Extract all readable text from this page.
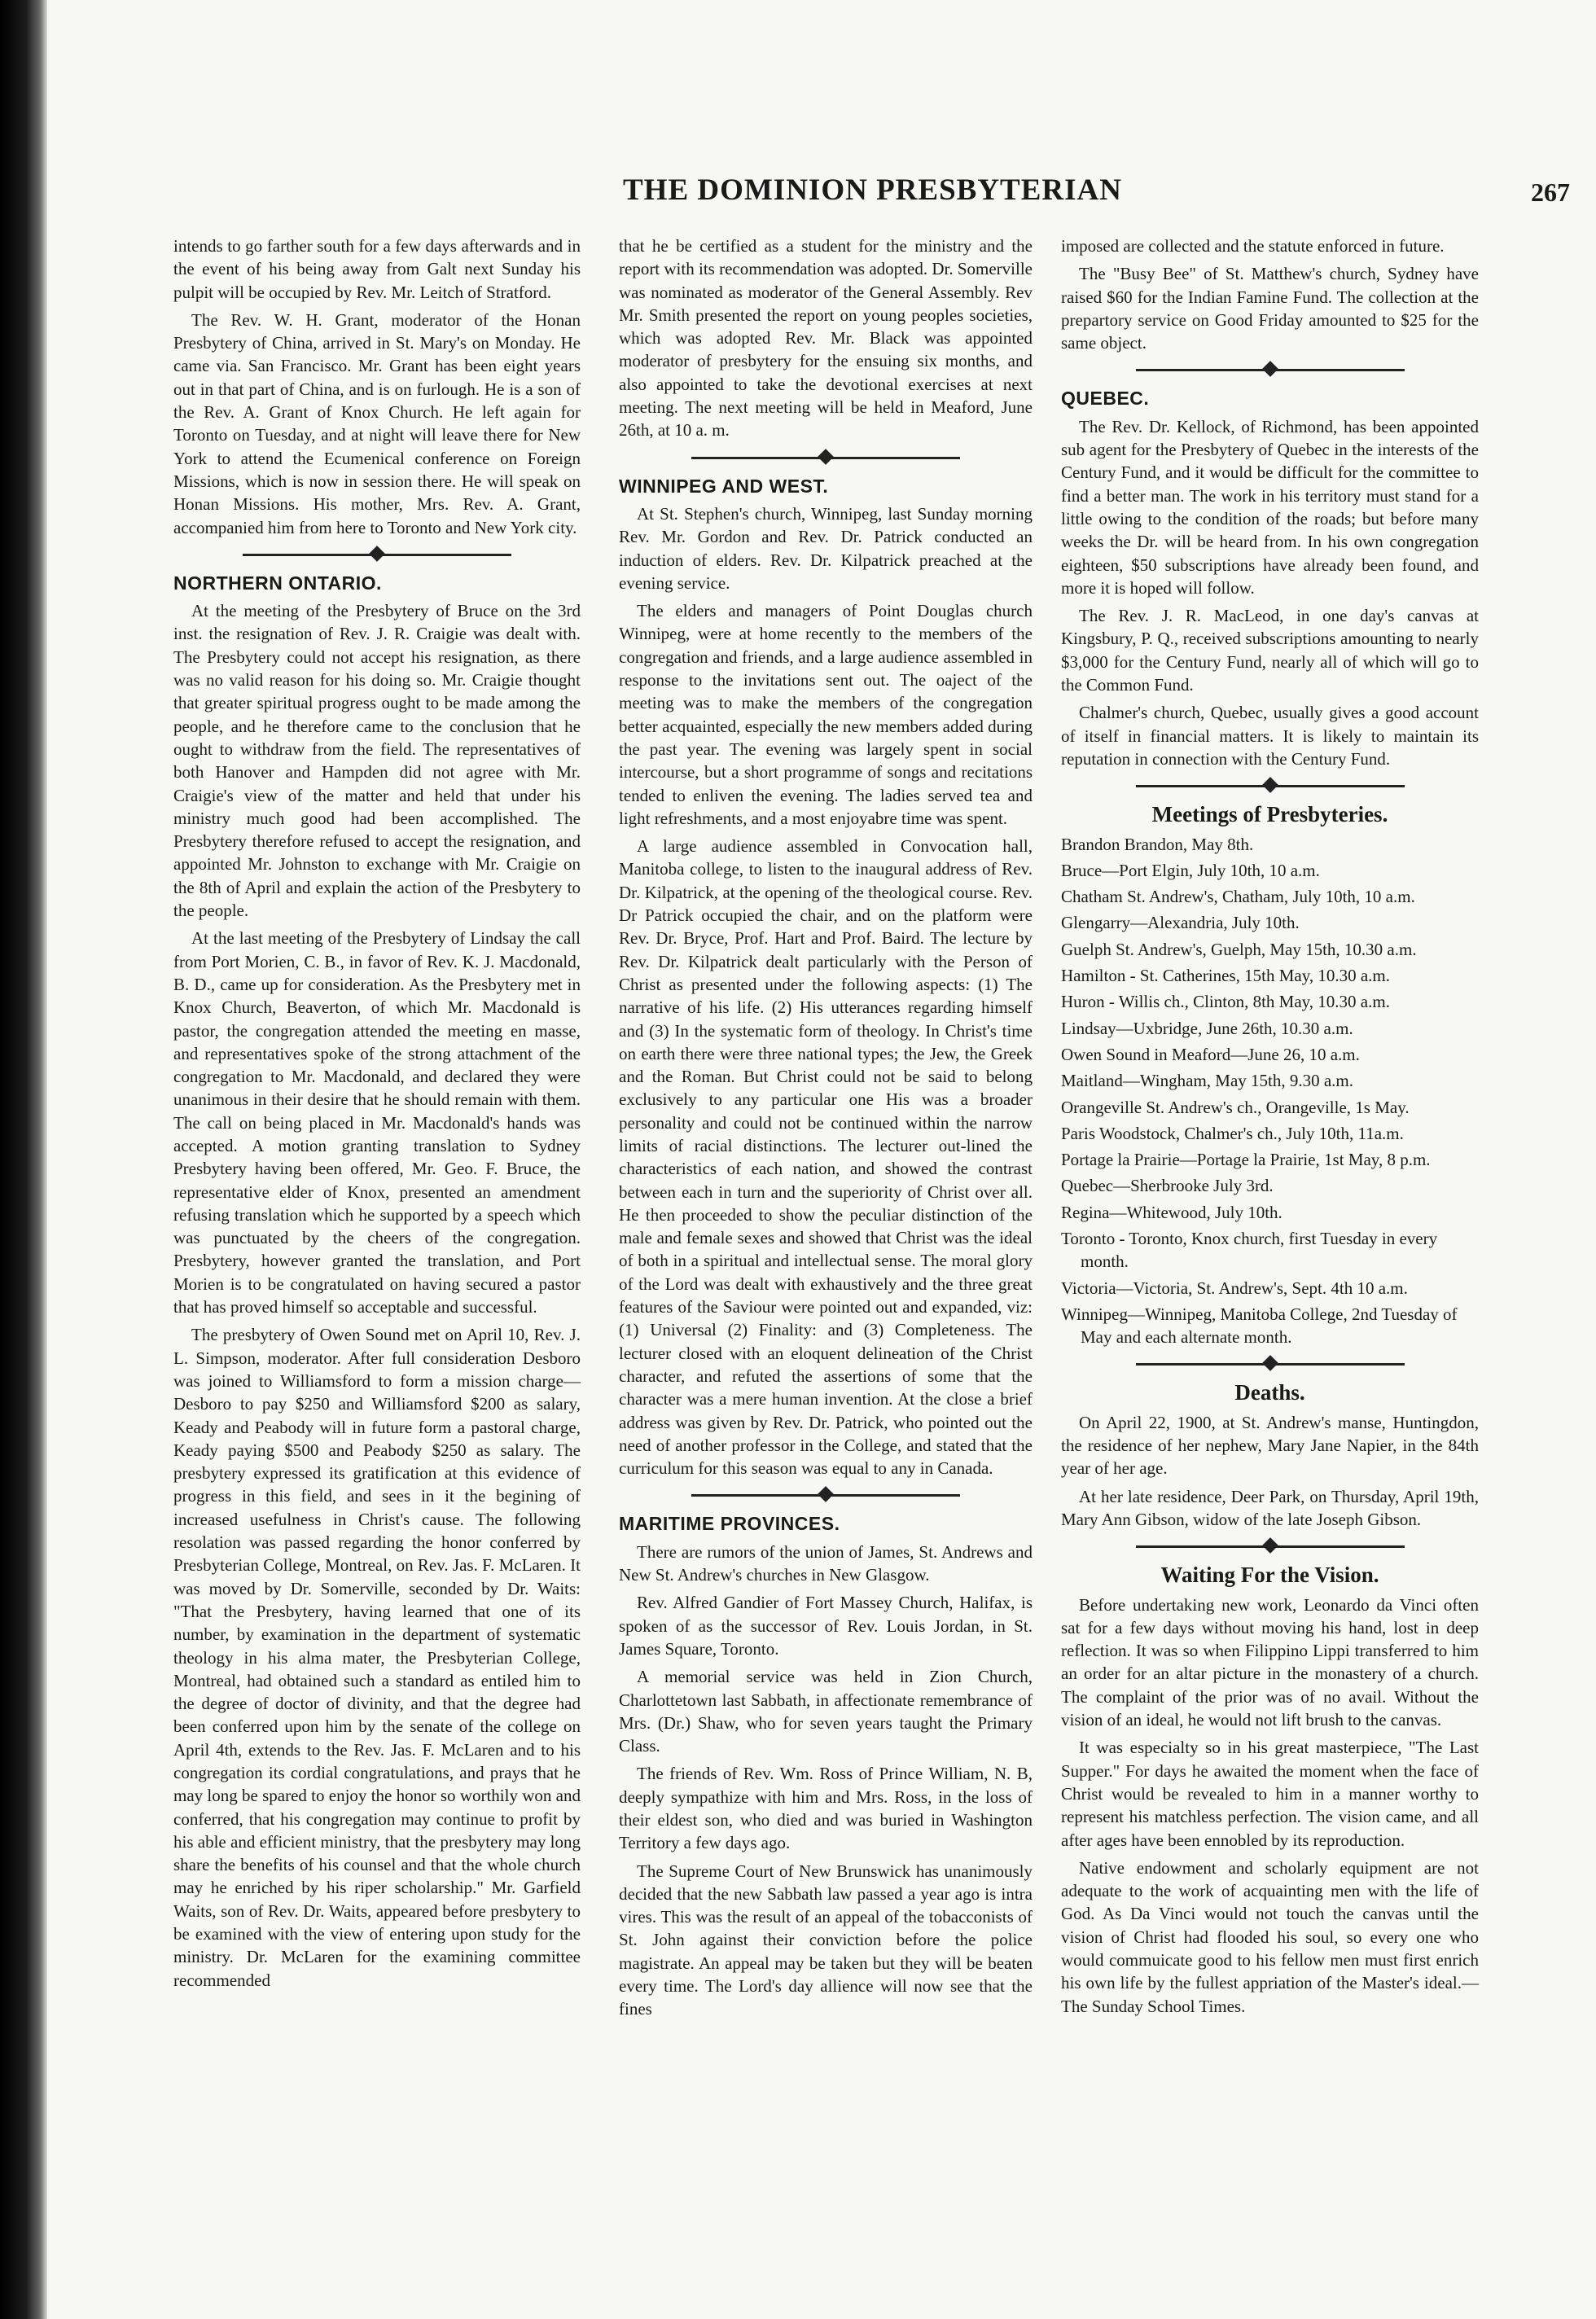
THE DOMINION PRESBYTERIAN	267

intends to go farther south for a few days afterwards and in the event of his being away from Galt next Sunday his pulpit will be occupied by Rev. Mr. Leitch of Stratford.

The Rev. W. H. Grant, moderator of the Honan Presbytery of China, arrived in St. Mary's on Monday. He came via. San Francisco. Mr. Grant has been eight years out in that part of China, and is on furlough. He is a son of the Rev. A. Grant of Knox Church. He left again for Toronto on Tuesday, and at night will leave there for New York to attend the Ecumenical conference on Foreign Missions, which is now in session there. He will speak on Honan Missions. His mother, Mrs. Rev. A. Grant, accompanied him from here to Toronto and New York city.

NORTHERN ONTARIO.

At the meeting of the Presbytery of Bruce on the 3rd inst. the resignation of Rev. J. R. Craigie was dealt with. The Presbytery could not accept his resignation, as there was no valid reason for his doing so. Mr. Craigie thought that greater spiritual progress ought to be made among the people, and he therefore came to the conclusion that he ought to withdraw from the field. The representatives of both Hanover and Hampden did not agree with Mr. Craigie's view of the matter and held that under his ministry much good had been accomplished. The Presbytery therefore refused to accept the resignation, and appointed Mr. Johnston to exchange with Mr. Craigie on the 8th of April and explain the action of the Presbytery to the people.

At the last meeting of the Presbytery of Lindsay the call from Port Morien, C. B., in favor of Rev. K. J. Macdonald, B. D., came up for consideration. As the Presbytery met in Knox Church, Beaverton, of which Mr. Macdonald is pastor, the congregation attended the meeting en masse, and representatives spoke of the strong attachment of the congregation to Mr. Macdonald, and declared they were unanimous in their desire that he should remain with them. The call on being placed in Mr. Macdonald's hands was accepted. A motion granting translation to Sydney Presbytery having been offered, Mr. Geo. F. Bruce, the representative elder of Knox, presented an amendment refusing translation which he supported by a speech which was punctuated by the cheers of the congregation. Presbytery, however granted the translation, and Port Morien is to be congratulated on having secured a pastor that has proved himself so acceptable and successful.

The presbytery of Owen Sound met on April 10, Rev. J. L. Simpson, moderator. After full consideration Desboro was joined to Williamsford to form a mission charge—Desboro to pay $250 and Williamsford $200 as salary, Keady and Peabody will in future form a pastoral charge, Keady paying $500 and Peabody $250 as salary. The presbytery expressed its gratification at this evidence of progress in this field, and sees in it the begining of increased usefulness in Christ's cause. The following resolation was passed regarding the honor conferred by Presbyterian College, Montreal, on Rev. Jas. F. McLaren. It was moved by Dr. Somerville, seconded by Dr. Waits: "That the Presbytery, having learned that one of its number, by examination in the department of systematic theology in his alma mater, the Presbyterian College, Montreal, had obtained such a standard as entiled him to the degree of doctor of divinity, and that the degree had been conferred upon him by the senate of the college on April 4th, extends to the Rev. Jas. F. McLaren and to his congregation its cordial congratulations, and prays that he may long be spared to enjoy the honor so worthily won and conferred, that his congregation may continue to profit by his able and efficient ministry, that the presbytery may long share the benefits of his counsel and that the whole church may he enriched by his riper scholarship." Mr. Garfield Waits, son of Rev. Dr. Waits, appeared before presbytery to be examined with the view of entering upon study for the ministry. Dr. McLaren for the examining committee recommended

that he be certified as a student for the ministry and the report with its recommendation was adopted. Dr. Somerville was nominated as moderator of the General Assembly. Rev Mr. Smith presented the report on young peoples societies, which was adopted Rev. Mr. Black was appointed moderator of presbytery for the ensuing six months, and also appointed to take the devotional exercises at next meeting. The next meeting will be held in Meaford, June 26th, at 10 a. m.

WINNIPEG AND WEST.

At St. Stephen's church, Winnipeg, last Sunday morning Rev. Mr. Gordon and Rev. Dr. Patrick conducted an induction of elders. Rev. Dr. Kilpatrick preached at the evening service.

The elders and managers of Point Douglas church Winnipeg, were at home recently to the members of the congregation and friends, and a large audience assembled in response to the invitations sent out. The oaject of the meeting was to make the members of the congregation better acquainted, especially the new members added during the past year. The evening was largely spent in social intercourse, but a short programme of songs and recitations tended to enliven the evening. The ladies served tea and light refreshments, and a most enjoyabre time was spent.

A large audience assembled in Convocation hall, Manitoba college, to listen to the inaugural address of Rev. Dr. Kilpatrick, at the opening of the theological course. Rev. Dr Patrick occupied the chair, and on the platform were Rev. Dr. Bryce, Prof. Hart and Prof. Baird. The lecture by Rev. Dr. Kilpatrick dealt particularly with the Person of Christ as presented under the following aspects: (1) The narrative of his life. (2) His utterances regarding himself and (3) In the systematic form of theology. In Christ's time on earth there were three national types; the Jew, the Greek and the Roman. But Christ could not be said to belong exclusively to any particular one His was a broader personality and could not be continued within the narrow limits of racial distinctions. The lecturer out-lined the characteristics of each nation, and showed the contrast between each in turn and the superiority of Christ over all. He then proceeded to show the peculiar distinction of the male and female sexes and showed that Christ was the ideal of both in a spiritual and intellectual sense. The moral glory of the Lord was dealt with exhaustively and the three great features of the Saviour were pointed out and expanded, viz: (1) Universal (2) Finality: and (3) Completeness. The lecturer closed with an eloquent delineation of the Christ character, and refuted the assertions of some that the character was a mere human invention. At the close a brief address was given by Rev. Dr. Patrick, who pointed out the need of another professor in the College, and stated that the curriculum for this season was equal to any in Canada.

MARITIME PROVINCES.

There are rumors of the union of James, St. Andrews and New St. Andrew's churches in New Glasgow.

Rev. Alfred Gandier of Fort Massey Church, Halifax, is spoken of as the successor of Rev. Louis Jordan, in St. James Square, Toronto.

A memorial service was held in Zion Church, Charlottetown last Sabbath, in affectionate remembrance of Mrs. (Dr.) Shaw, who for seven years taught the Primary Class.

The friends of Rev. Wm. Ross of Prince William, N. B, deeply sympathize with him and Mrs. Ross, in the loss of their eldest son, who died and was buried in Washington Territory a few days ago.

The Supreme Court of New Brunswick has unanimously decided that the new Sabbath law passed a year ago is intra vires. This was the result of an appeal of the tobacconists of St. John against their conviction before the police magistrate. An appeal may be taken but they will be beaten every time. The Lord's day allience will now see that the fines

imposed are collected and the statute enforced in future.

The "Busy Bee" of St. Matthew's church, Sydney have raised $60 for the Indian Famine Fund. The collection at the prepartory service on Good Friday amounted to $25 for the same object.

QUEBEC.

The Rev. Dr. Kellock, of Richmond, has been appointed sub agent for the Presbytery of Quebec in the interests of the Century Fund, and it would be difficult for the committee to find a better man. The work in his territory must stand for a little owing to the condition of the roads; but before many weeks the Dr. will be heard from. In his own congregation eighteen, $50 subscriptions have already been found, and more it is hoped will follow.

The Rev. J. R. MacLeod, in one day's canvas at Kingsbury, P. Q., received subscriptions amounting to nearly $3,000 for the Century Fund, nearly all of which will go to the Common Fund.

Chalmer's church, Quebec, usually gives a good account of itself in financial matters. It is likely to maintain its reputation in connection with the Century Fund.

Meetings of Presbyteries.

Brandon Brandon, May 8th.

Bruce—Port Elgin, July 10th, 10 a.m.

Chatham St. Andrew's, Chatham, July 10th, 10 a.m.

Glengarry—Alexandria, July 10th.

Guelph St. Andrew's, Guelph, May 15th, 10.30 a.m.

Hamilton - St. Catherines, 15th May, 10.30 a.m.

Huron - Willis ch., Clinton, 8th May, 10.30 a.m.

Lindsay—Uxbridge, June 26th, 10.30 a.m.

Owen Sound in Meaford—June 26, 10 a.m.

Maitland—Wingham, May 15th, 9.30 a.m.

Orangeville St. Andrew's ch., Orangeville, 1s May.

Paris Woodstock, Chalmer's ch., July 10th, 11a.m.

Portage la Prairie—Portage la Prairie, 1st May, 8 p.m.

Quebec—Sherbrooke July 3rd.

Regina—Whitewood, July 10th.

Toronto - Toronto, Knox church, first Tuesday in every month.

Victoria—Victoria, St. Andrew's, Sept. 4th 10 a.m.

Winnipeg—Winnipeg, Manitoba College, 2nd Tuesday of May and each alternate month.

Deaths.

On April 22, 1900, at St. Andrew's manse, Huntingdon, the residence of her nephew, Mary Jane Napier, in the 84th year of her age.

At her late residence, Deer Park, on Thursday, April 19th, Mary Ann Gibson, widow of the late Joseph Gibson.

Waiting For the Vision.

Before undertaking new work, Leonardo da Vinci often sat for a few days without moving his hand, lost in deep reflection. It was so when Filippino Lippi transferred to him an order for an altar picture in the monastery of a church. The complaint of the prior was of no avail. Without the vision of an ideal, he would not lift brush to the canvas.

It was especialty so in his great masterpiece, "The Last Supper." For days he awaited the moment when the face of Christ would be revealed to him in a manner worthy to represent his matchless perfection. The vision came, and all after ages have been ennobled by its reproduction.

Native endowment and scholarly equipment are not adequate to the work of acquainting men with the life of God. As Da Vinci would not touch the canvas until the vision of Christ had flooded his soul, so every one who would commuicate good to his fellow men must first enrich his own life by the fullest appriation of the Master's ideal.—The Sunday School Times.
